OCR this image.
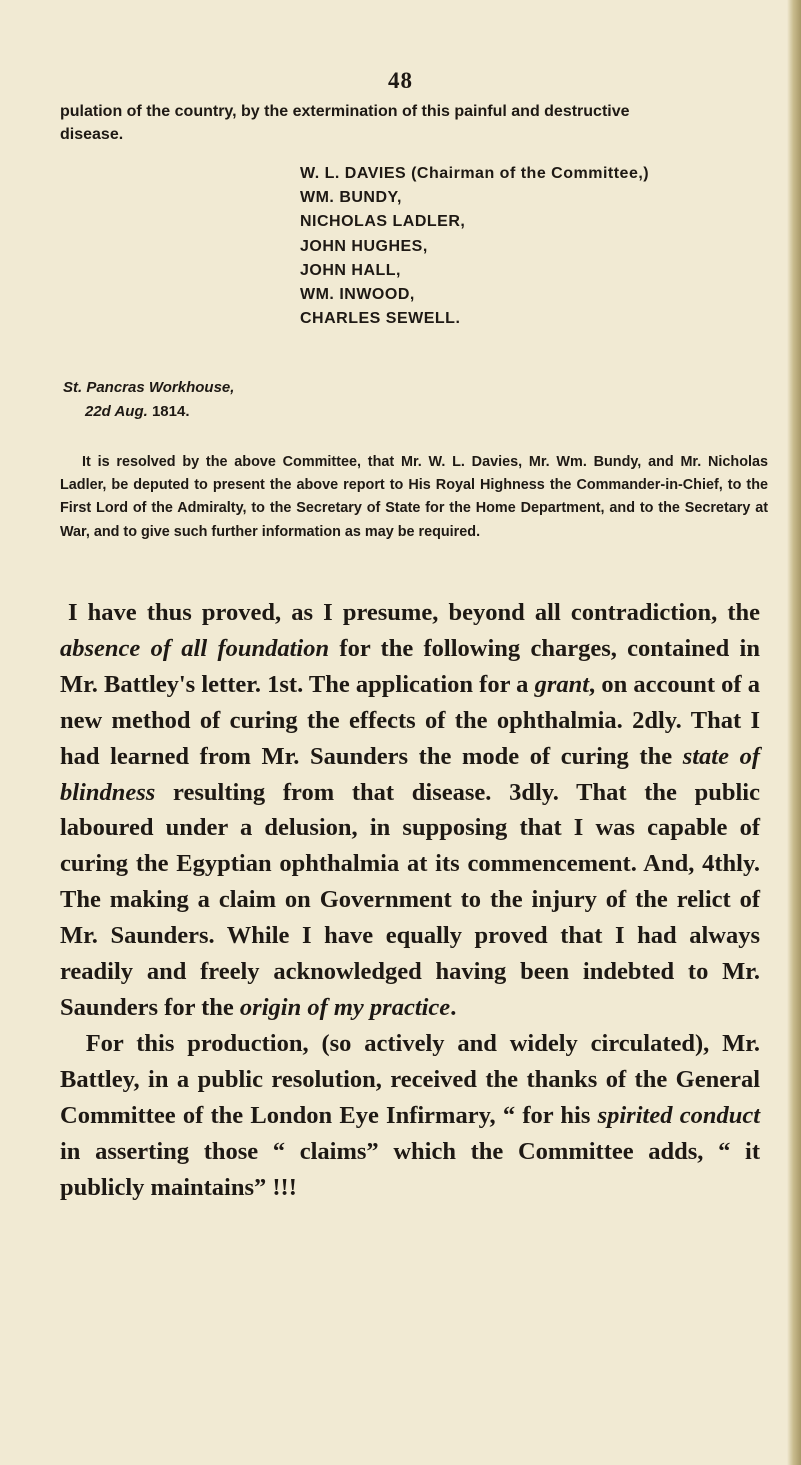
48
pulation of the country, by the extermination of this painful and destructive
disease.
W. L. DAVIES (Chairman of the Committee,)
WM. BUNDY,
NICHOLAS LADLER,
JOHN HUGHES,
JOHN HALL,
WM. INWOOD,
CHARLES SEWELL.
St. Pancras Workhouse,
22d Aug. 1814.
It is resolved by the above Committee, that Mr. W. L. Davies, Mr. Wm. Bundy, and Mr. Nicholas Ladler, be deputed to present the above report to His Royal Highness the Commander-in-Chief, to the First Lord of the Admiralty, to the Secretary of State for the Home Department, and to the Secretary at War, and to give such further information as may be required.

I have thus proved, as I presume, beyond all contradiction, the absence of all foundation for the following charges, contained in Mr. Battley's letter. 1st. The application for a grant, on account of a new method of curing the effects of the ophthalmia. 2dly. That I had learned from Mr. Saunders the mode of curing the state of blindness resulting from that disease. 3dly. That the public laboured under a delusion, in supposing that I was capable of curing the Egyptian ophthalmia at its commencement. And, 4thly. The making a claim on Government to the injury of the relict of Mr. Saunders. While I have equally proved that I had always readily and freely acknowledged having been indebted to Mr. Saunders for the origin of my practice.

For this production, (so actively and widely circulated), Mr. Battley, in a public resolution, received the thanks of the General Committee of the London Eye Infirmary, “ for his spirited conduct in asserting those “ claims” which the Committee adds, “ it publicly maintains” !!!
